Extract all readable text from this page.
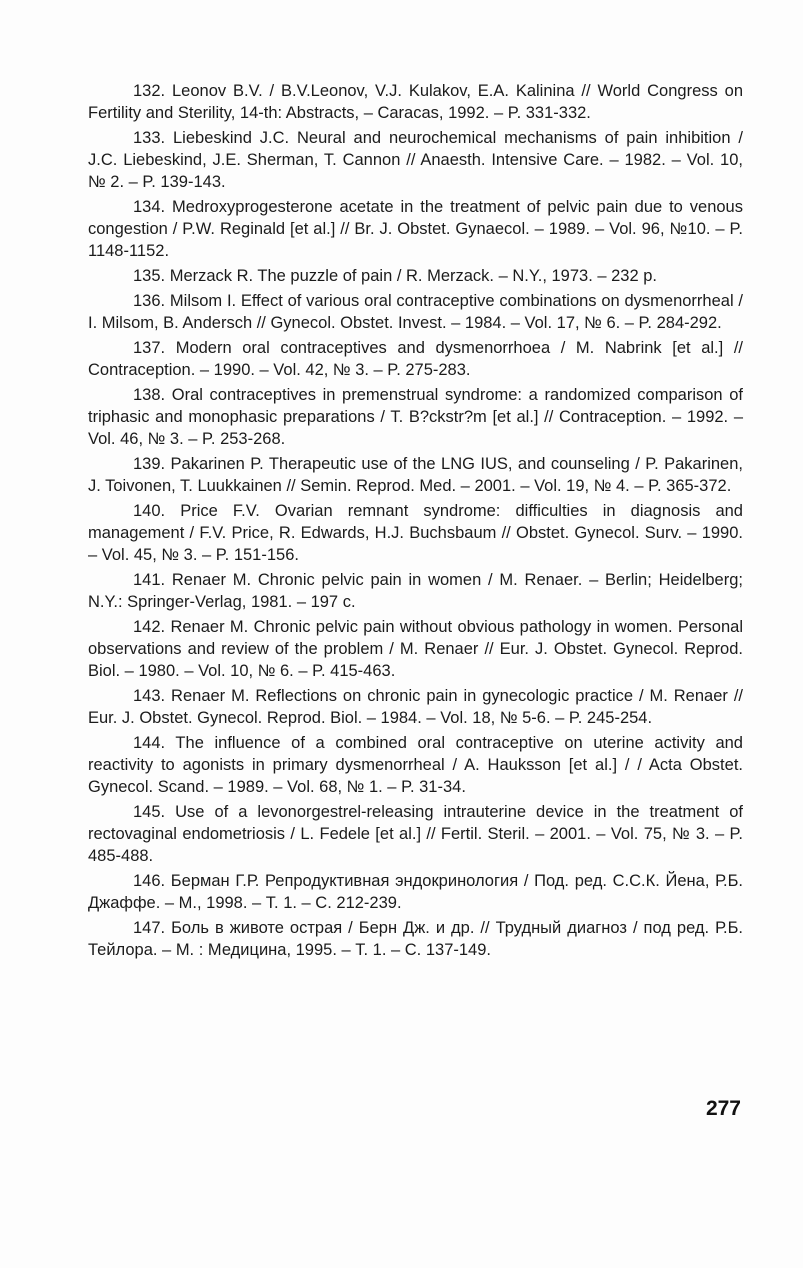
132. Leonov B.V. / B.V.Leonov, V.J. Kulakov, E.A. Kalinina // World Congress on Fertility and Sterility, 14-th: Abstracts, – Caracas, 1992. – P. 331-332.

133. Liebeskind J.C. Neural and neurochemical mechanisms of pain inhibition / J.C. Liebeskind, J.E. Sherman, T. Cannon // Anaesth. Intensive Care. – 1982. – Vol. 10, № 2. – P. 139-143.

134. Medroxyprogesterone acetate in the treatment of pelvic pain due to venous congestion / P.W. Reginald [et al.] // Br. J. Obstet. Gynaecol. – 1989. – Vol. 96, №10. – P. 1148-1152.

135. Merzack R. The puzzle of pain / R. Merzack. – N.Y., 1973. – 232 p.

136. Milsom I. Effect of various oral contraceptive combinations on dysmenorrheal / I. Milsom, B. Andersch // Gynecol. Obstet. Invest. – 1984. – Vol. 17, № 6. – P. 284-292.

137. Modern oral contraceptives and dysmenorrhoea / M. Nabrink [et al.] // Contraception. – 1990. – Vol. 42, № 3. – P. 275-283.

138. Oral contraceptives in premenstrual syndrome: a randomized comparison of triphasic and monophasic preparations / T. B?ckstr?m [et al.] // Contraception. – 1992. – Vol. 46, № 3. – P. 253-268.

139. Pakarinen P. Therapeutic use of the LNG IUS, and counseling / P. Pakarinen, J. Toivonen, T. Luukkainen // Semin. Reprod. Med. – 2001. – Vol. 19, № 4. – P. 365-372.

140. Price F.V. Ovarian remnant syndrome: difficulties in diagnosis and management / F.V. Price, R. Edwards, H.J. Buchsbaum // Obstet. Gynecol. Surv. – 1990. – Vol. 45, № 3. – P. 151-156.

141. Renaer M. Chronic pelvic pain in women / M. Renaer. – Berlin; Heidelberg; N.Y.: Springer-Verlag, 1981. – 197 c.

142. Renaer M. Chronic pelvic pain without obvious pathology in women. Personal observations and review of the problem / M. Renaer // Eur. J. Obstet. Gynecol. Reprod. Biol. – 1980. – Vol. 10, № 6. – P. 415-463.

143. Renaer M. Reflections on chronic pain in gynecologic practice / M. Renaer // Eur. J. Obstet. Gynecol. Reprod. Biol. – 1984. – Vol. 18, № 5-6. – P. 245-254.

144. The influence of a combined oral contraceptive on uterine activity and reactivity to agonists in primary dysmenorrheal / A. Hauksson [et al.] / / Acta Obstet. Gynecol. Scand. – 1989. – Vol. 68, № 1. – P. 31-34.

145. Use of a levonorgestrel-releasing intrauterine device in the treatment of rectovaginal endometriosis / L. Fedele [et al.] // Fertil. Steril. – 2001. – Vol. 75, № 3. – P. 485-488.

146. Берман Г.Р. Репродуктивная эндокринология / Под. ред. С.С.К. Йена, Р.Б. Джаффе. – М., 1998. – Т. 1. – С. 212-239.

147. Боль в животе острая / Берн Дж. и др. // Трудный диагноз / под ред. Р.Б. Тейлора. – М. : Медицина, 1995. – Т. 1. – С. 137-149.

277
